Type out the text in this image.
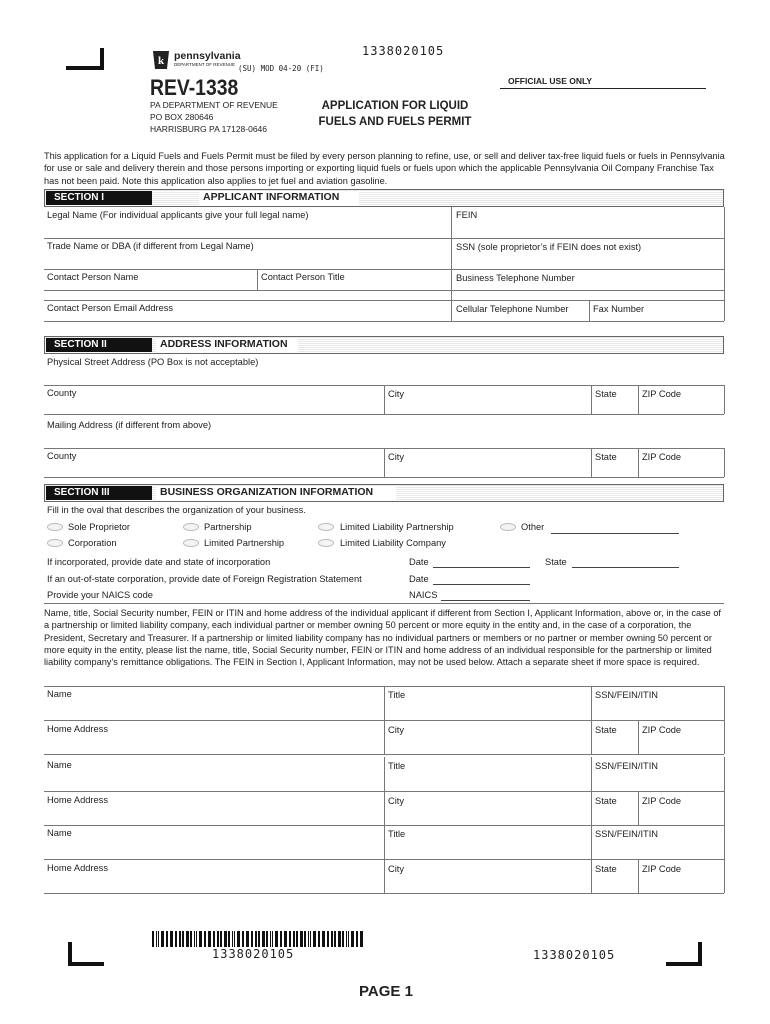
1338020105
k pennsylvania
DEPARTMENT OF REVENUE (SU) MOD 04-20 (FI)
REV-1338	OFFICIAL USE ONLY
PA DEPARTMENT OF REVENUE
PO BOX 280646
HARRISBURG PA 17128-0646
APPLICATION FOR LIQUID
FUELS AND FUELS PERMIT
This application for a Liquid Fuels and Fuels Permit must be filed by every person planning to refine, use, or sell and deliver tax-free liquid fuels or fuels in Pennsylvania for use or sale and delivery therein and those persons importing or exporting liquid fuels or fuels upon which the applicable Pennsylvania Oil Company Franchise Tax has not been paid. Note this application also applies to jet fuel and aviation gasoline.
SECTION I	APPLICANT INFORMATION
Legal Name (For individual applicants give your full legal name)	FEIN
Trade Name or DBA (if different from Legal Name)	SSN (sole proprietor’s if FEIN does not exist)
Contact Person Name	Contact Person Title	Business Telephone Number
Contact Person Email Address	Cellular Telephone Number	Fax Number
SECTION II	ADDRESS INFORMATION
Physical Street Address (PO Box is not acceptable)
County	City	State	ZIP Code
Mailing Address (if different from above)
County	City	State	ZIP Code
SECTION III	BUSINESS ORGANIZATION INFORMATION
Fill in the oval that describes the organization of your business.
Sole Proprietor	Partnership	Limited Liability Partnership	Other
Corporation	Limited Partnership	Limited Liability Company
If incorporated, provide date and state of incorporation	Date	State
If an out-of-state corporation, provide date of Foreign Registration Statement	Date
Provide your NAICS code	NAICS
Name, title, Social Security number, FEIN or ITIN and home address of the individual applicant if different from Section I, Applicant Information, above or, in the case of a partnership or limited liability company, each individual partner or member owning 50 percent or more equity in the entity and, in the case of a corporation, the President, Secretary and Treasurer. If a partnership or limited liability company has no individual partners or members or no partner or member owning 50 percent or more equity in the entity, please list the name, title, Social Security number, FEIN or ITIN and home address of an individual responsible for the partnership or limited liability company’s remittance obligations. The FEIN in Section I, Applicant Information, may not be used below. Attach a separate sheet if more space is required.
Name	Title	SSN/FEIN/ITIN
Home Address	City	State	ZIP Code
Name	Title	SSN/FEIN/ITIN
Home Address	City	State	ZIP Code
Name	Title	SSN/FEIN/ITIN
Home Address	City	State	ZIP Code
1338020105	1338020105
PAGE 1
